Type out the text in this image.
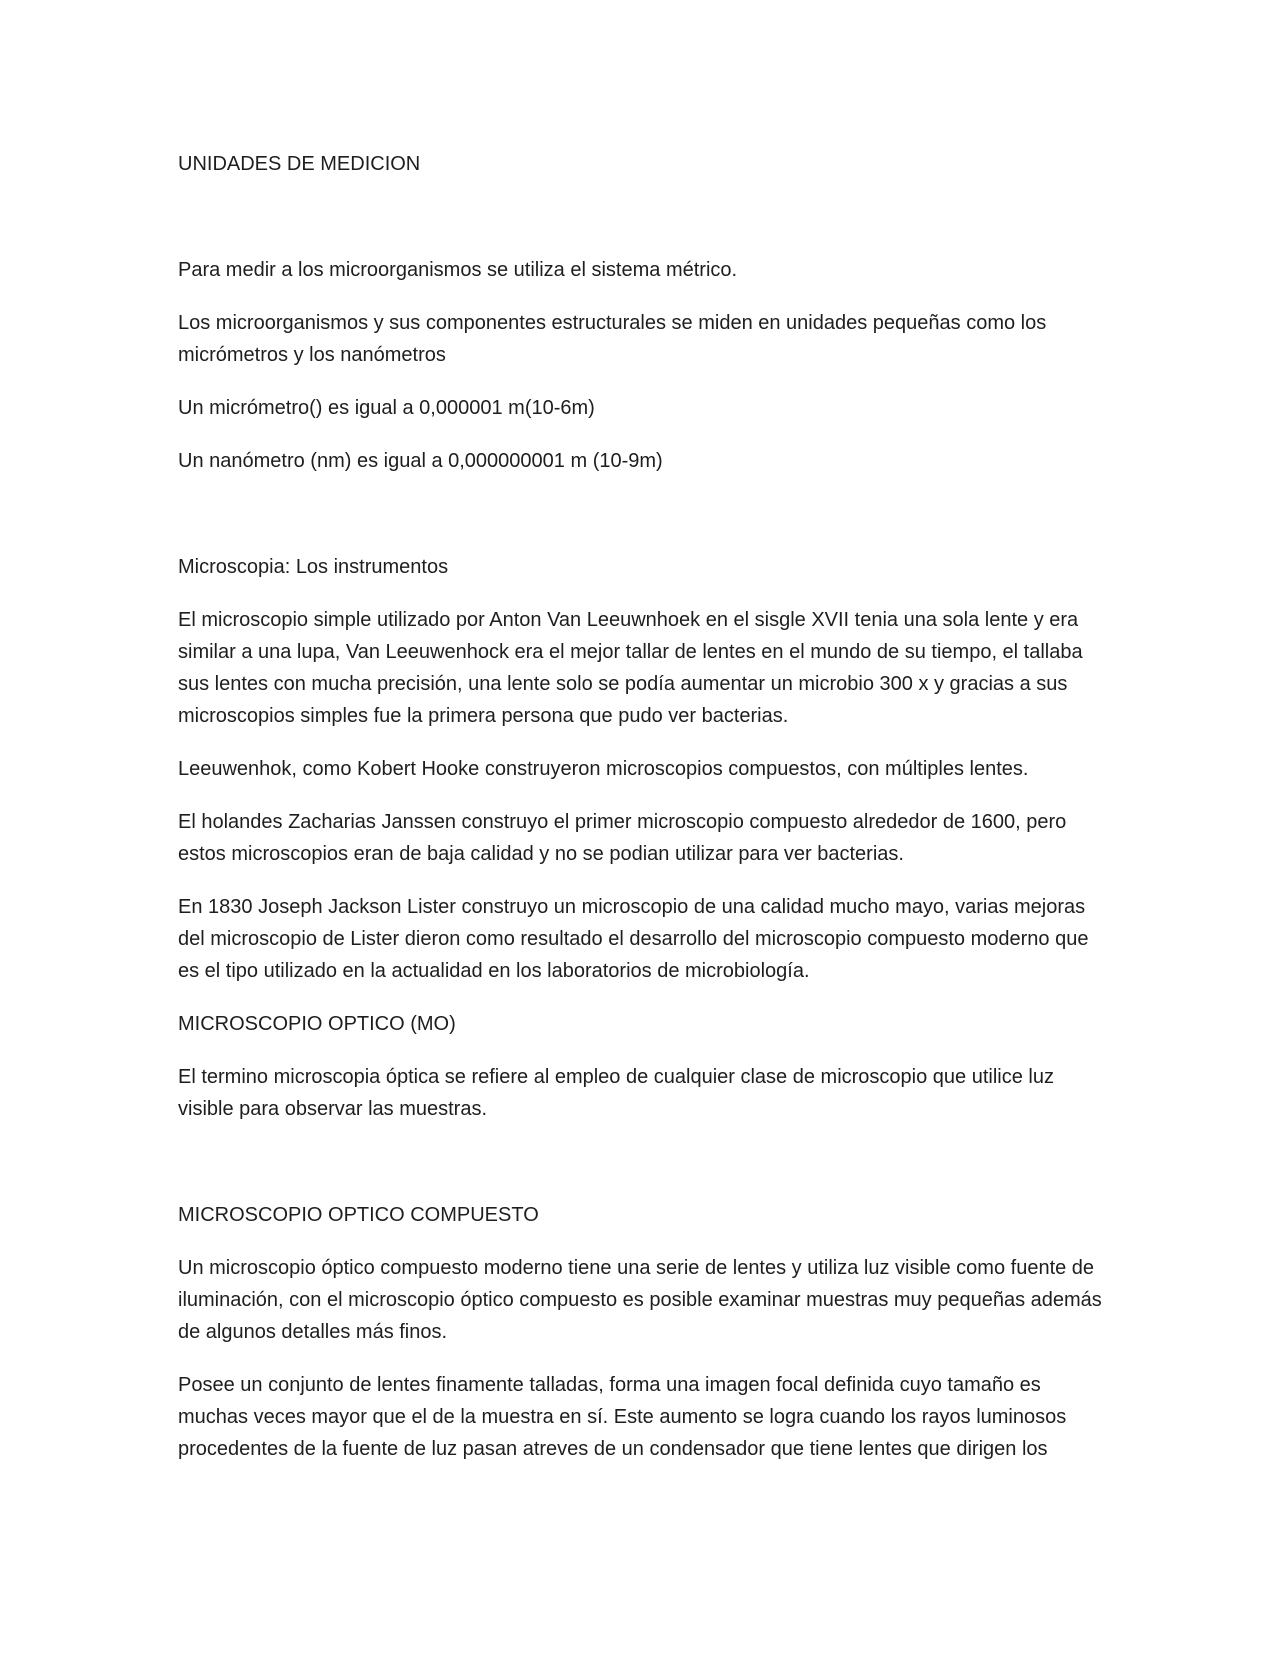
UNIDADES DE MEDICION

Para medir a los microorganismos se utiliza el sistema métrico.

Los microorganismos y sus componentes estructurales se miden en unidades pequeñas como los micrómetros y los nanómetros

Un micrómetro() es igual a 0,000001 m(10-6m)

Un nanómetro (nm) es igual a 0,000000001 m (10-9m)

Microscopia: Los instrumentos

El microscopio simple utilizado por Anton Van Leeuwnhoek en el sisgle XVII tenia una sola lente y era similar a una lupa, Van Leeuwenhock era el mejor tallar de lentes en el mundo de su tiempo, el tallaba sus lentes con mucha precisión, una lente solo se podía aumentar un microbio 300 x y gracias a sus microscopios simples fue la primera persona que pudo ver bacterias.

Leeuwenhok, como Kobert Hooke construyeron microscopios compuestos, con múltiples lentes.

El holandes Zacharias Janssen construyo el primer microscopio compuesto alrededor de 1600, pero estos microscopios eran de baja calidad y no se podian utilizar para ver bacterias.

En 1830 Joseph Jackson Lister construyo un microscopio de una calidad mucho mayo, varias mejoras del microscopio de Lister dieron como resultado el desarrollo del microscopio compuesto moderno que es el tipo utilizado en la actualidad en los laboratorios de microbiología.

MICROSCOPIO OPTICO (MO)

El termino microscopia óptica se refiere al empleo de cualquier clase de microscopio que utilice luz visible para observar las muestras.

MICROSCOPIO OPTICO COMPUESTO

Un microscopio óptico compuesto moderno tiene una serie de lentes y utiliza luz visible como fuente de iluminación, con el microscopio óptico compuesto es posible examinar muestras muy pequeñas además de algunos detalles más finos.

Posee un conjunto de lentes finamente talladas, forma una imagen focal definida cuyo tamaño es muchas veces mayor que el de la muestra en sí. Este aumento se logra cuando los rayos luminosos procedentes de la fuente de luz pasan atreves de un condensador que tiene lentes que dirigen los
